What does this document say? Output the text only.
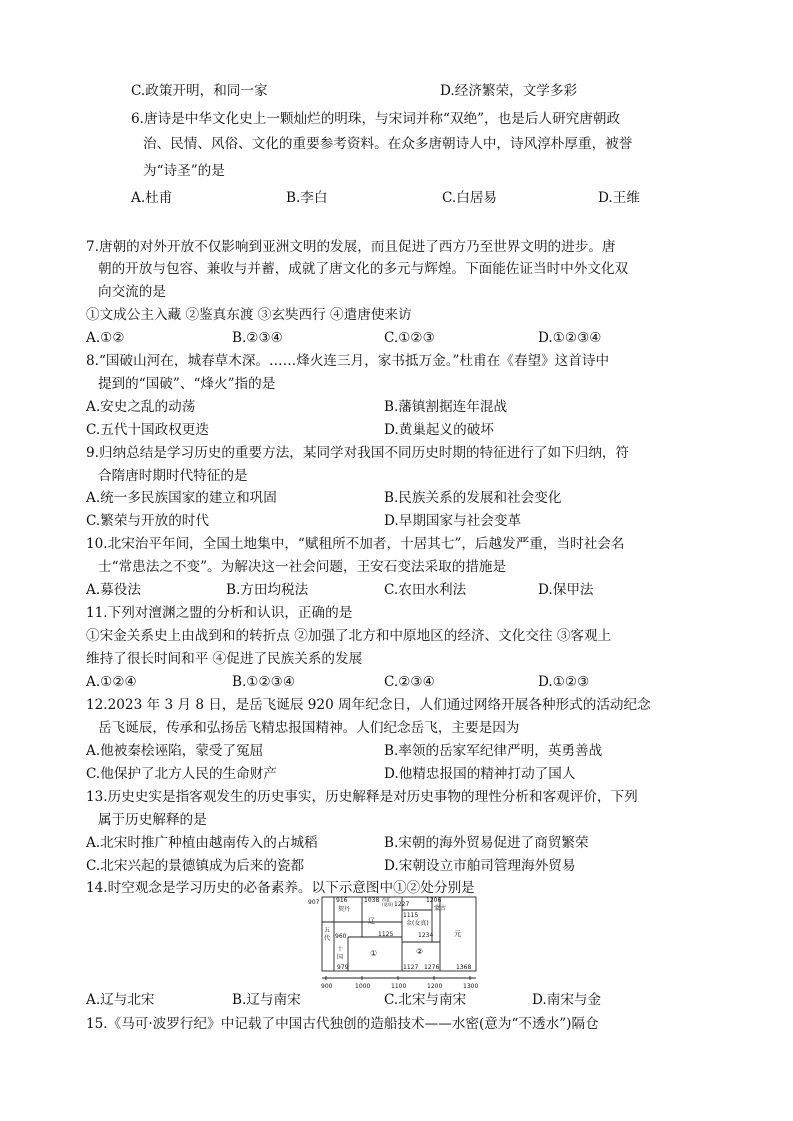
C.政策开明，和同一家	D.经济繁荣，文学多彩
6.唐诗是中华文化史上一颗灿烂的明珠，与宋词并称“双绝”，也是后人研究唐朝政
治、民情、风俗、文化的重要参考资料。在众多唐朝诗人中，诗风淳朴厚重，被誉
为“诗圣”的是
A.杜甫	B.李白	C.白居易	D.王维
7.唐朝的对外开放不仅影响到亚洲文明的发展，而且促进了西方乃至世界文明的进步。唐
朝的开放与包容、兼收与并蓄，成就了唐文化的多元与辉煌。下面能佐证当时中外文化双
向交流的是
①文成公主入藏 ②鉴真东渡 ③玄奘西行 ④遣唐使来访
A.①②	B.②③④	C.①②③	D.①②③④
8.“国破山河在，城春草木深。……烽火连三月，家书抵万金。”杜甫在《春望》这首诗中
提到的“国破”、“烽火”指的是
A.安史之乱的动荡	B.藩镇割据连年混战
C.五代十国政权更迭	D.黄巢起义的破坏
9.归纳总结是学习历史的重要方法，某同学对我国不同历史时期的特征进行了如下归纳，符
合隋唐时期时代特征的是
A.统一多民族国家的建立和巩固	B.民族关系的发展和社会变化
C.繁荣与开放的时代	D.早期国家与社会变革
10.北宋治平年间，全国土地集中，“赋租所不加者，十居其七”，后越发严重，当时社会名
士“常患法之不变”。为解决这一社会问题，王安石变法采取的措施是
A.募役法	B.方田均税法	C.农田水利法	D.保甲法
11.下列对澶渊之盟的分析和认识，正确的是
①宋金关系史上由战到和的转折点 ②加强了北方和中原地区的经济、文化交往 ③客观上
维持了很长时间和平 ④促进了民族关系的发展
A.①②④	B.①②③④	C.②③④	D.①②③
12.2023 年 3 月 8 日，是岳飞诞辰 920 周年纪念日，人们通过网络开展各种形式的活动纪念
岳飞诞辰，传承和弘扬岳飞精忠报国精神。人们纪念岳飞，主要是因为
A.他被秦桧诬陷，蒙受了冤屈	B.率领的岳家军纪律严明，英勇善战
C.他保护了北方人民的生命财产	D.他精忠报国的精神打动了国人
13.历史史实是指客观发生的历史事实，历史解释是对历史事物的理性分析和客观评价，下列
属于历史解释的是
A.北宋时推广种植由越南传入的占城稻	B.宋朝的海外贸易促进了商贸繁荣
C.北宋兴起的景德镇成为后来的瓷都	D.宋朝设立市舶司管理海外贸易
14.时空观念是学习历史的必备素养。以下示意图中①②处分别是
907	916
契丹
1038 西夏
(党项) 1227
1206
蒙古
五
代 960
辽
1115
金(女真)
1125	1234	元
十
国	①	②
979	1127 1276	1368
900	1000	1100	1200	1300
A.辽与北宋	B.辽与南宋	C.北宋与南宋	D.南宋与金
15.《马可·波罗行纪》中记载了中国古代独创的造船技术——水密(意为“不透水”)隔仓
